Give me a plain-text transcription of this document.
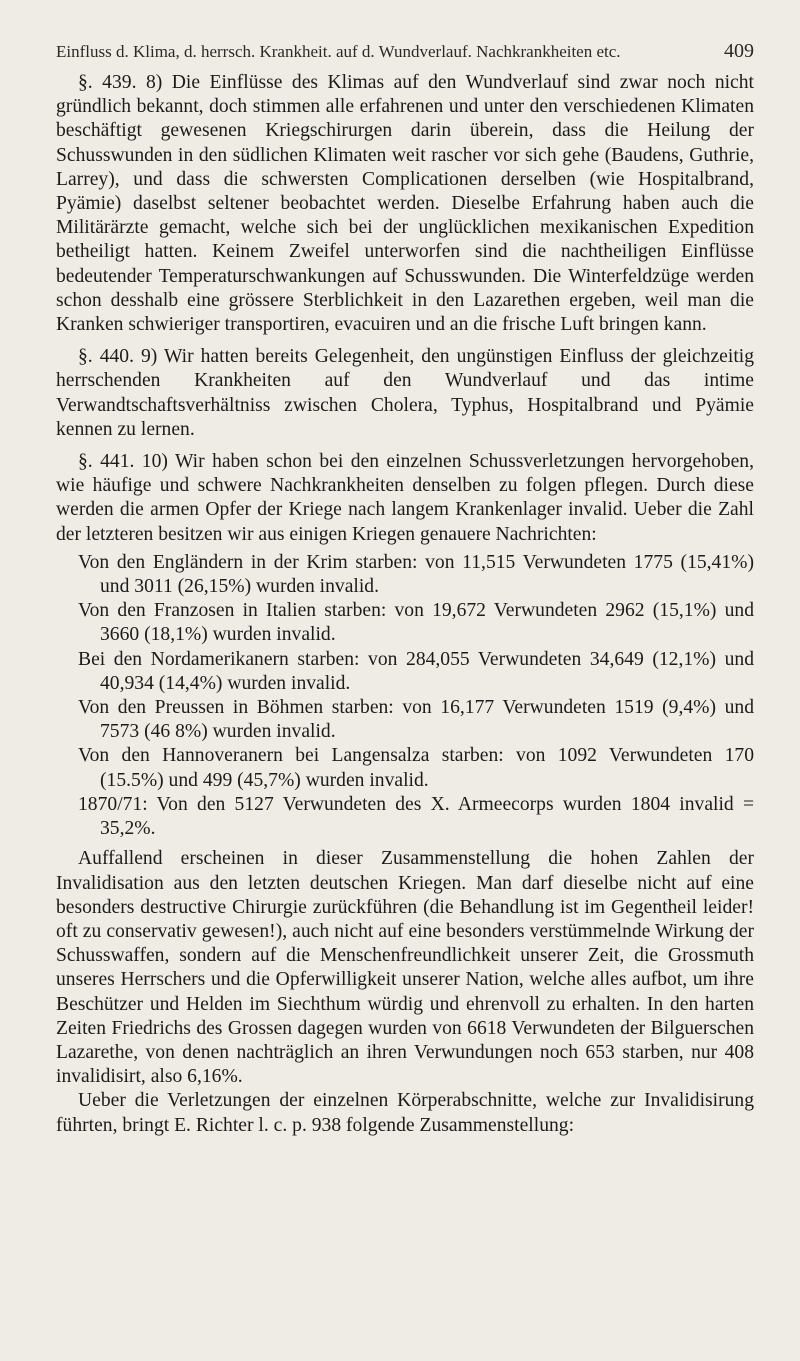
Einfluss d. Klima, d. herrsch. Krankheit. auf d. Wundverlauf. Nachkrankheiten etc.	409

§. 439. 8) Die Einflüsse des Klimas auf den Wundverlauf sind zwar noch nicht gründlich bekannt, doch stimmen alle erfahrenen und unter den verschiedenen Klimaten beschäftigt gewesenen Kriegschirurgen darin überein, dass die Heilung der Schusswunden in den südlichen Klimaten weit rascher vor sich gehe (Baudens, Guthrie, Larrey), und dass die schwersten Complicationen derselben (wie Hospitalbrand, Pyämie) daselbst seltener beobachtet werden. Dieselbe Erfahrung haben auch die Militärärzte gemacht, welche sich bei der unglücklichen mexikanischen Expedition betheiligt hatten. Keinem Zweifel unterworfen sind die nachtheiligen Einflüsse bedeutender Temperaturschwankungen auf Schusswunden. Die Winterfeldzüge werden schon desshalb eine grössere Sterblichkeit in den Lazarethen ergeben, weil man die Kranken schwieriger transportiren, evacuiren und an die frische Luft bringen kann.

§. 440. 9) Wir hatten bereits Gelegenheit, den ungünstigen Einfluss der gleichzeitig herrschenden Krankheiten auf den Wundverlauf und das intime Verwandtschaftsverhältniss zwischen Cholera, Typhus, Hospitalbrand und Pyämie kennen zu lernen.

§. 441. 10) Wir haben schon bei den einzelnen Schussverletzungen hervorgehoben, wie häufige und schwere Nachkrankheiten denselben zu folgen pflegen. Durch diese werden die armen Opfer der Kriege nach langem Krankenlager invalid. Ueber die Zahl der letzteren besitzen wir aus einigen Kriegen genauere Nachrichten:

Von den Engländern in der Krim starben: von 11,515 Verwundeten 1775 (15,41%) und 3011 (26,15%) wurden invalid.
Von den Franzosen in Italien starben: von 19,672 Verwundeten 2962 (15,1%) und 3660 (18,1%) wurden invalid.
Bei den Nordamerikanern starben: von 284,055 Verwundeten 34,649 (12,1%) und 40,934 (14,4%) wurden invalid.
Von den Preussen in Böhmen starben: von 16,177 Verwundeten 1519 (9,4%) und 7573 (46 8%) wurden invalid.
Von den Hannoveranern bei Langensalza starben: von 1092 Verwundeten 170 (15.5%) und 499 (45,7%) wurden invalid.
1870/71: Von den 5127 Verwundeten des X. Armeecorps wurden 1804 invalid = 35,2%.

Auffallend erscheinen in dieser Zusammenstellung die hohen Zahlen der Invalidisation aus den letzten deutschen Kriegen. Man darf dieselbe nicht auf eine besonders destructive Chirurgie zurückführen (die Behandlung ist im Gegentheil leider! oft zu conservativ gewesen!), auch nicht auf eine besonders verstümmelnde Wirkung der Schusswaffen, sondern auf die Menschenfreundlichkeit unserer Zeit, die Grossmuth unseres Herrschers und die Opferwilligkeit unserer Nation, welche alles aufbot, um ihre Beschützer und Helden im Siechthum würdig und ehrenvoll zu erhalten. In den harten Zeiten Friedrichs des Grossen dagegen wurden von 6618 Verwundeten der Bilguerschen Lazarethe, von denen nachträglich an ihren Verwundungen noch 653 starben, nur 408 invalidisirt, also 6,16%.

Ueber die Verletzungen der einzelnen Körperabschnitte, welche zur Invalidisirung führten, bringt E. Richter l. c. p. 938 folgende Zusammenstellung:
